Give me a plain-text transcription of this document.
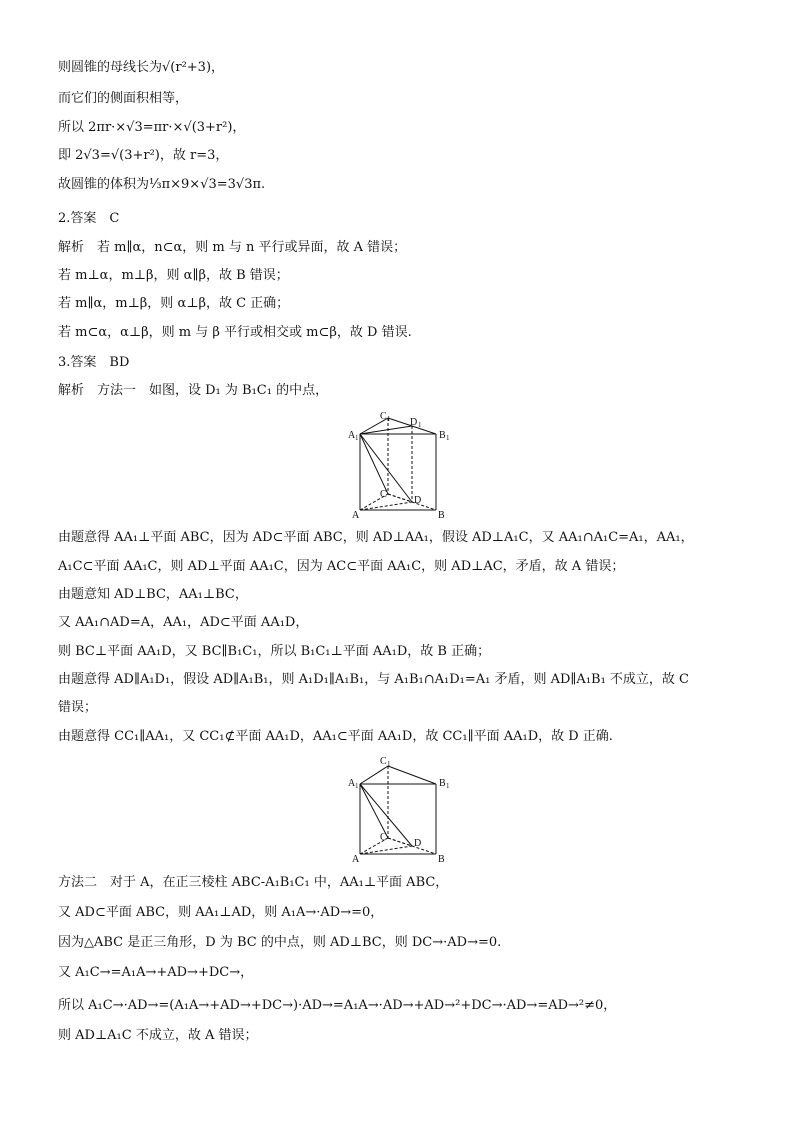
则圆锥的母线长为√(r²+3)，
而它们的侧面积相等，
所以 2πr·×√3=πr·×√(3+r²)，
即 2√3=√(3+r²)，故 r=3，
故圆锥的体积为⅓π×9×√3=3√3π.
2.答案　C
解析　若 m∥α，n⊂α，则 m 与 n 平行或异面，故 A 错误；
若 m⊥α，m⊥β，则 α∥β，故 B 错误；
若 m∥α，m⊥β，则 α⊥β，故 C 正确；
若 m⊂α，α⊥β，则 m 与 β 平行或相交或 m⊂β，故 D 错误.
3.答案　BD
解析　方法一　如图，设 D₁ 为 B₁C₁ 的中点，
C 1 D 1
A 1	B 1
C
D
A	B
由题意得 AA₁⊥平面 ABC，因为 AD⊂平面 ABC，则 AD⊥AA₁，假设 AD⊥A₁C，又 AA₁∩A₁C=A₁，AA₁，
A₁C⊂平面 AA₁C，则 AD⊥平面 AA₁C，因为 AC⊂平面 AA₁C，则 AD⊥AC，矛盾，故 A 错误；
由题意知 AD⊥BC，AA₁⊥BC，
又 AA₁∩AD=A，AA₁，AD⊂平面 AA₁D，
则 BC⊥平面 AA₁D，又 BC∥B₁C₁，所以 B₁C₁⊥平面 AA₁D，故 B 正确；
由题意得 AD∥A₁D₁，假设 AD∥A₁B₁，则 A₁D₁∥A₁B₁，与 A₁B₁∩A₁D₁=A₁ 矛盾，则 AD∥A₁B₁ 不成立，故 C
错误；
由题意得 CC₁∥AA₁，又 CC₁⊄平面 AA₁D，AA₁⊂平面 AA₁D，故 CC₁∥平面 AA₁D，故 D 正确.
C 1
A 1	B 1
C
D
A	B
方法二　对于 A，在正三棱柱 ABC-A₁B₁C₁ 中，AA₁⊥平面 ABC，
又 AD⊂平面 ABC，则 AA₁⊥AD，则 A₁A→·AD→=0，
因为△ABC 是正三角形，D 为 BC 的中点，则 AD⊥BC，则 DC→·AD→=0.
又 A₁C→=A₁A→+AD→+DC→，
所以 A₁C→·AD→=(A₁A→+AD→+DC→)·AD→=A₁A→·AD→+AD→²+DC→·AD→=AD→²≠0，
则 AD⊥A₁C 不成立，故 A 错误；
